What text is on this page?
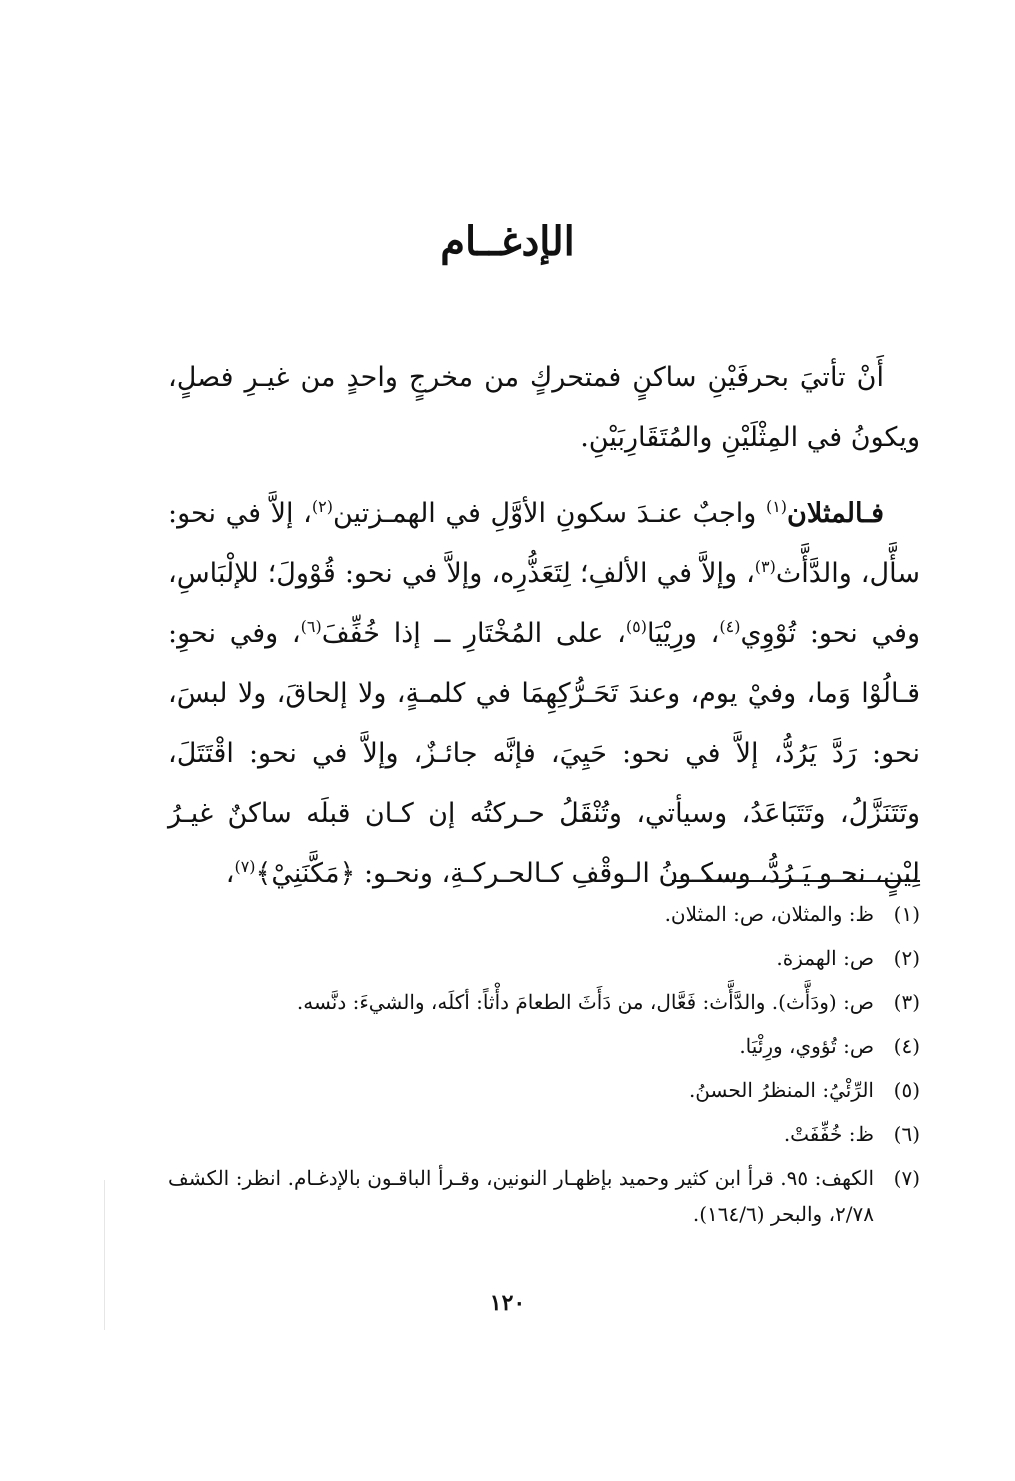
الإدغــام

أَنْ تأتيَ بحرفَيْنِ ساكنٍ فمتحركٍ من مخرجٍ واحدٍ من غيـرِ فصلٍ، ويكونُ في المِثْلَيْنِ والمُتَقَارِبَيْنِ.

فـالمثلان$^{(١)}$ واجبٌ عنـدَ سكونِ الأوَّلِ في الهمـزتين$^{(٢)}$، إلاَّ في نحو: سأَّل، والدَّأَّث$^{(٣)}$، وإلاَّ في الألفِ؛ لِتَعَذُّرِه، وإلاَّ في نحو: قُوْولَ؛ للإلْبَاسِ، وفي نحو: تُوْوِي$^{(٤)}$، ورِيْيَا$^{(٥)}$، على المُخْتَارِ ــ إذا خُفِّفَ$^{(٦)}$، وفي نحوِ: قـالُوْا وَما، وفيْ يوم، وعندَ تَحَـرُّكِهِمَا في كلمـةٍ، ولا إلحاقَ، ولا لبسَ، نحو: رَدَّ يَرُدُّ، إلاَّ في نحو: حَيِيَ، فإنَّه جائـزٌ، وإلاَّ في نحو: اقْتَتَلَ، وتَتَنَزَّلُ، وتَتَبَاعَدُ، وسيأتي، وتُنْقَلُ حـركتُه إن كـان قبلَه ساكنٌ غيـرُ لِيْنٍ، نحـو يَـرُدُّ، وسكـونُ الـوقْفِ كـالحـركـةِ، ونحـو: ﴿مَكَّنَنِيْ﴾$^{(٧)}$،

(١)
ظ: والمثلان، ص: المثلان.
(٢)
ص: الهمزة.
(٣)
ص: (ودَأَّث). والدَّأَّث: فَعَّال، من دَأَثَ الطعامَ دأْثاً: أكلَه، والشيءَ: دنَّسه.
(٤)
ص: تُؤوي، ورِئْيَا.
(٥)
الرِّئْيُ: المنظرُ الحسنُ.
(٦)
ظ: خُفِّفَتْ.
(٧)
الكهف: ٩٥. قرأ ابن كثير وحميد بإظهـار النونين، وقـرأ الباقـون بالإدغـام. انظر: الكشف ٢/٧٨، والبحر (١٦٤/٦).
١٢٠
